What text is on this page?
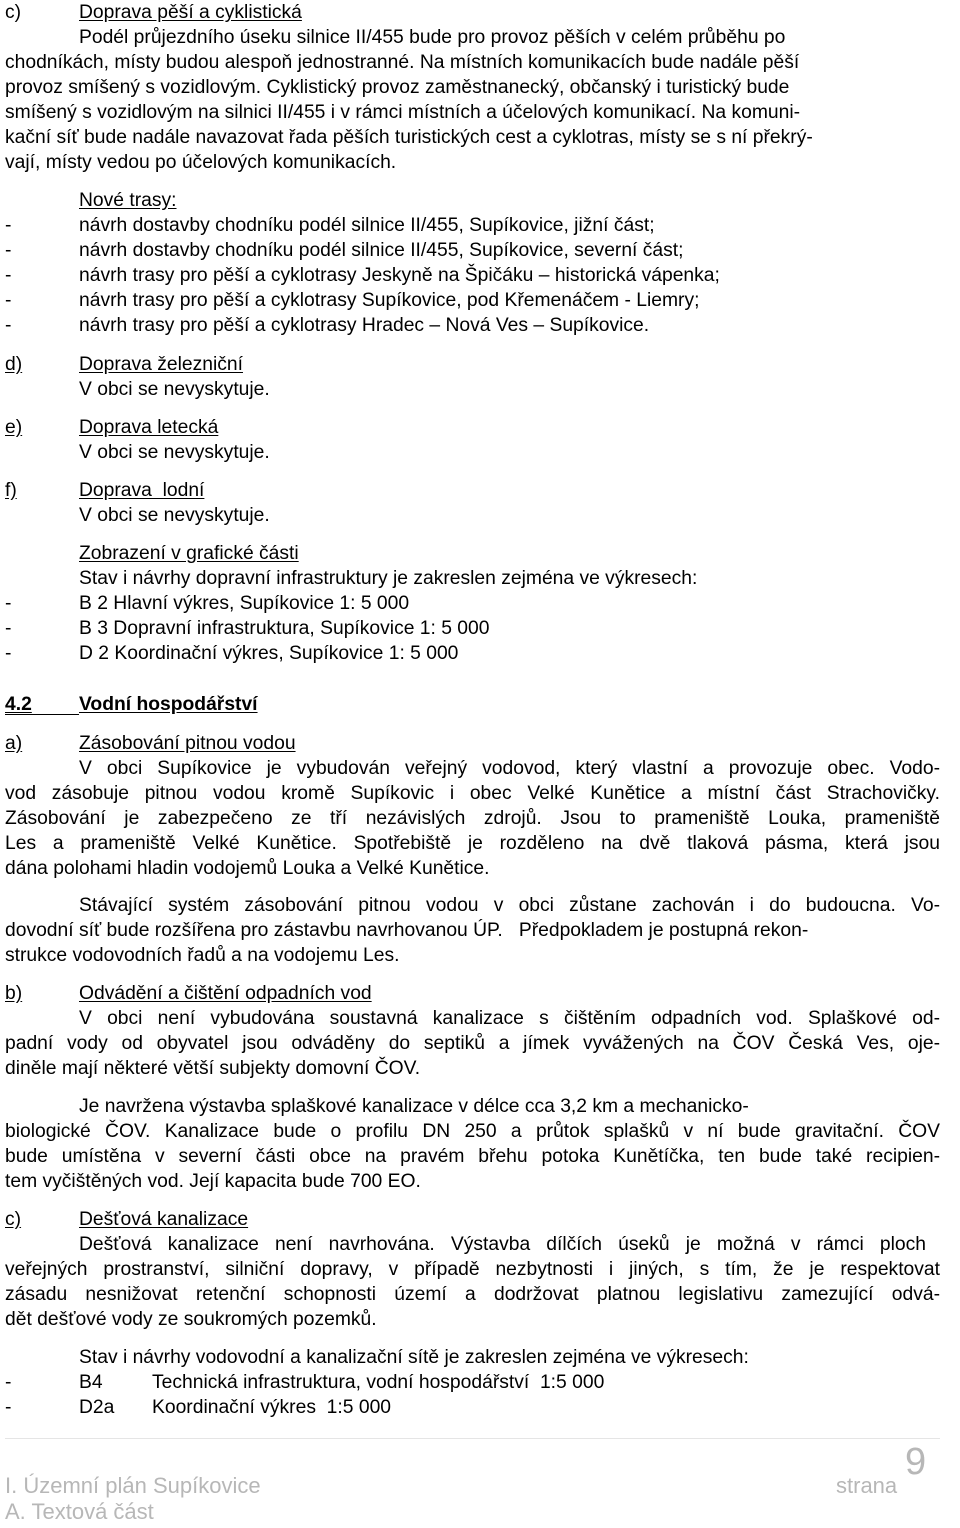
c)	Doprava pěší a cyklistická
Podél průjezdního úseku silnice II/455 bude pro provoz pěších v celém průběhu po
chodníkách, místy budou alespoň jednostranné. Na místních komunikacích bude nadále pěší
provoz smíšený s vozidlovým. Cyklistický provoz zaměstnanecký, občanský i turistický bude
smíšený s vozidlovým na silnici II/455 i v rámci místních a účelových komunikací. Na komuni-
kační síť bude nadále navazovat řada pěších turistických cest a cyklotras, místy se s ní překrý-
vají, místy vedou po účelových komunikacích.
Nové trasy:
-	návrh dostavby chodníku podél silnice II/455, Supíkovice, jižní část;
-	návrh dostavby chodníku podél silnice II/455, Supíkovice, severní část;
-	návrh trasy pro pěší a cyklotrasy Jeskyně na Špičáku – historická vápenka;
-	návrh trasy pro pěší a cyklotrasy Supíkovice, pod Křemenáčem - Liemry;
-	návrh trasy pro pěší a cyklotrasy Hradec – Nová Ves – Supíkovice.
d)	Doprava železniční
V obci se nevyskytuje.
e)	Doprava letecká
V obci se nevyskytuje.
f)	Doprava  lodní
V obci se nevyskytuje.
Zobrazení v grafické části
Stav i návrhy dopravní infrastruktury je zakreslen zejména ve výkresech:
-	B 2 Hlavní výkres, Supíkovice 1: 5 000
-	B 3 Dopravní infrastruktura, Supíkovice 1: 5 000
-	D 2 Koordinační výkres, Supíkovice 1: 5 000
4.2	Vodní hospodářství
a)	Zásobování pitnou vodou
V obci Supíkovice je vybudován veřejný vodovod, který vlastní a provozuje obec. Vodo-
vod zásobuje pitnou vodou kromě Supíkovic i obec Velké Kunětice a místní část Strachovičky.
Zásobování je zabezpečeno ze tří nezávislých zdrojů. Jsou to prameniště Louka, prameniště
Les a prameniště Velké Kunětice. Spotřebiště je rozděleno na dvě tlaková pásma, která jsou
dána polohami hladin vodojemů Louka a Velké Kunětice.
Stávající systém zásobování pitnou vodou v obci zůstane zachován i do budoucna. Vo-
dovodní síť bude rozšířena pro zástavbu navrhovanou ÚP.   Předpokladem je postupná rekon-
strukce vodovodních řadů a na vodojemu Les.
b)	Odvádění a čištění odpadních vod
V obci není vybudována soustavná kanalizace s čištěním odpadních vod. Splaškové od-
padní vody od obyvatel jsou odváděny do septiků a jímek vyvážených na ČOV Česká Ves, oje-
diněle mají některé větší subjekty domovní ČOV.
Je navržena výstavba splaškové kanalizace v délce cca 3,2 km a mechanicko-
biologické ČOV. Kanalizace bude o profilu DN 250 a průtok splašků v ní bude gravitační. ČOV
bude umístěna v severní části obce na pravém břehu potoka Kunětíčka, ten bude také recipien-
tem vyčištěných vod. Její kapacita bude 700 EO.
c)	Dešťová kanalizace
Dešťová kanalizace není navrhována. Výstavba dílčích úseků je možná v rámci ploch
veřejných prostranství, silniční dopravy, v případě nezbytnosti i jiných, s tím, že je respektovat
zásadu nesnižovat retenční schopnosti území a dodržovat platnou legislativu zamezující odvá-
dět dešťové vody ze soukromých pozemků.
Stav i návrhy vodovodní a kanalizační sítě je zakreslen zejména ve výkresech:
-	B4	Technická infrastruktura, vodní hospodářství  1:5 000
-	D2a Koordinační výkres  1:5 000
9
I. Územní plán Supíkovice	strana
A. Textová část
